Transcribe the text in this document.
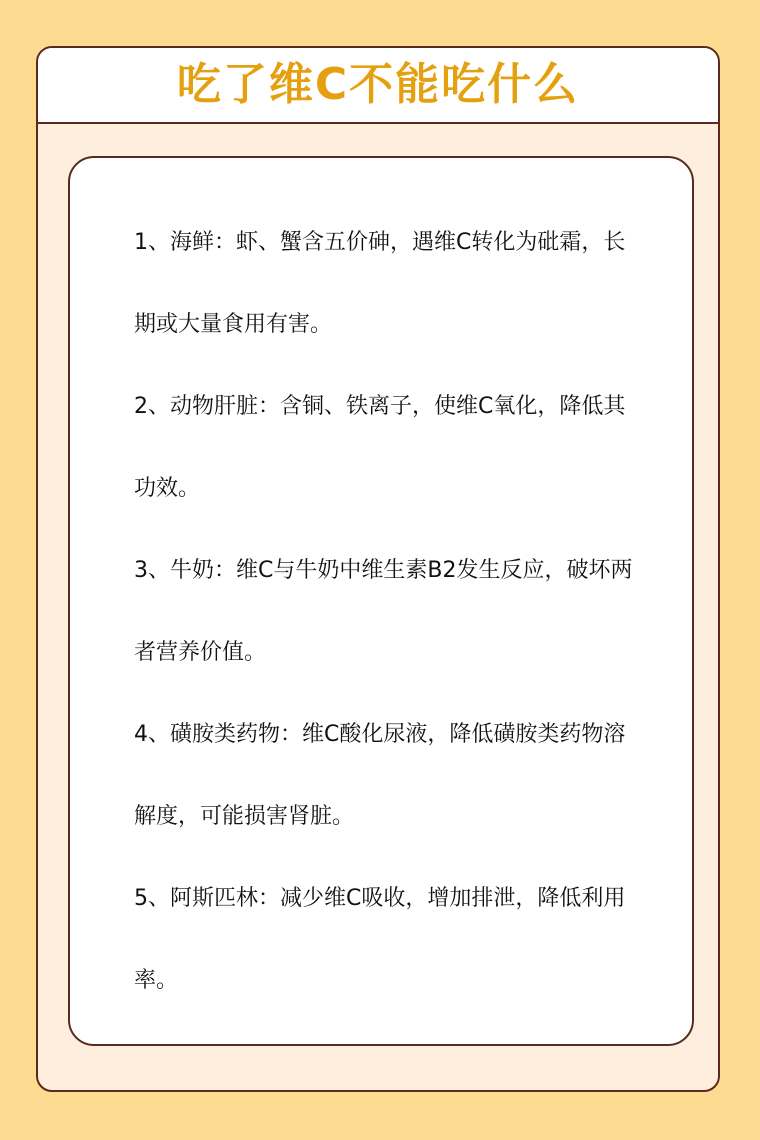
吃了维C不能吃什么
1、海鲜：虾、蟹含五价砷，遇维C转化为砒霜，长期或大量食用有害。
2、动物肝脏：含铜、铁离子，使维C氧化，降低其功效。
3、牛奶：维C与牛奶中维生素B2发生反应，破坏两者营养价值。
4、磺胺类药物：维C酸化尿液，降低磺胺类药物溶解度，可能损害肾脏。
5、阿斯匹林：减少维C吸收，增加排泄，降低利用率。
